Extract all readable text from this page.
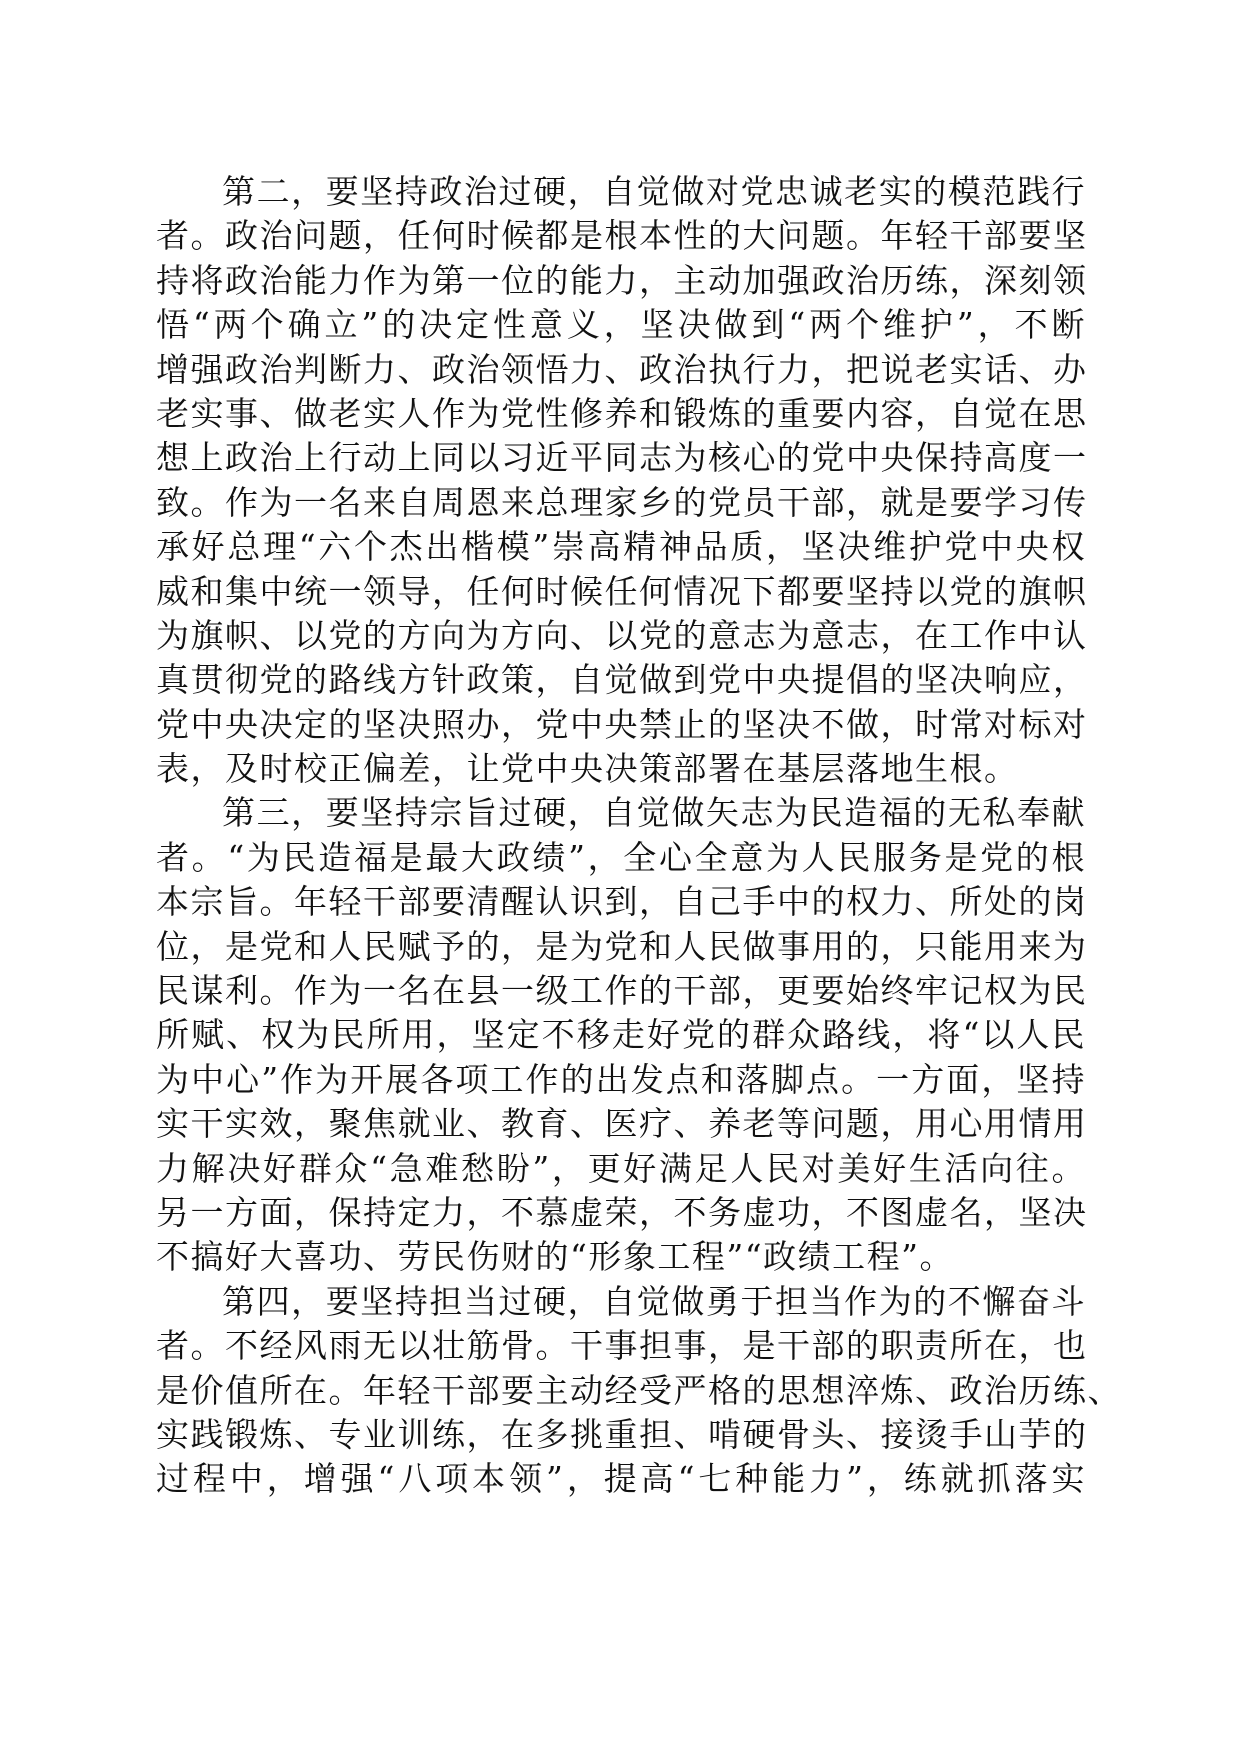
第二，要坚持政治过硬，自觉做对党忠诚老实的模范践行
者。政治问题，任何时候都是根本性的大问题。年轻干部要坚
持将政治能力作为第一位的能力，主动加强政治历练，深刻领
悟“两个确立”的决定性意义，坚决做到“两个维护”，不断
增强政治判断力、政治领悟力、政治执行力，把说老实话、办
老实事、做老实人作为党性修养和锻炼的重要内容，自觉在思
想上政治上行动上同以习近平同志为核心的党中央保持高度一
致。作为一名来自周恩来总理家乡的党员干部，就是要学习传
承好总理“六个杰出楷模”崇高精神品质，坚决维护党中央权
威和集中统一领导，任何时候任何情况下都要坚持以党的旗帜
为旗帜、以党的方向为方向、以党的意志为意志，在工作中认
真贯彻党的路线方针政策，自觉做到党中央提倡的坚决响应，
党中央决定的坚决照办，党中央禁止的坚决不做，时常对标对
表，及时校正偏差，让党中央决策部署在基层落地生根。
第三，要坚持宗旨过硬，自觉做矢志为民造福的无私奉献
者。“为民造福是最大政绩”，全心全意为人民服务是党的根
本宗旨。年轻干部要清醒认识到，自己手中的权力、所处的岗
位，是党和人民赋予的，是为党和人民做事用的，只能用来为
民谋利。作为一名在县一级工作的干部，更要始终牢记权为民
所赋、权为民所用，坚定不移走好党的群众路线，将“以人民
为中心”作为开展各项工作的出发点和落脚点。一方面，坚持
实干实效，聚焦就业、教育、医疗、养老等问题，用心用情用
力解决好群众“急难愁盼”，更好满足人民对美好生活向往。
另一方面，保持定力，不慕虚荣，不务虚功，不图虚名，坚决
不搞好大喜功、劳民伤财的“形象工程”“政绩工程”。
第四，要坚持担当过硬，自觉做勇于担当作为的不懈奋斗
者。不经风雨无以壮筋骨。干事担事，是干部的职责所在，也
是价值所在。年轻干部要主动经受严格的思想淬炼、政治历练、
实践锻炼、专业训练，在多挑重担、啃硬骨头、接烫手山芋的
过程中，增强“八项本领”，提高“七种能力”，练就抓落实
